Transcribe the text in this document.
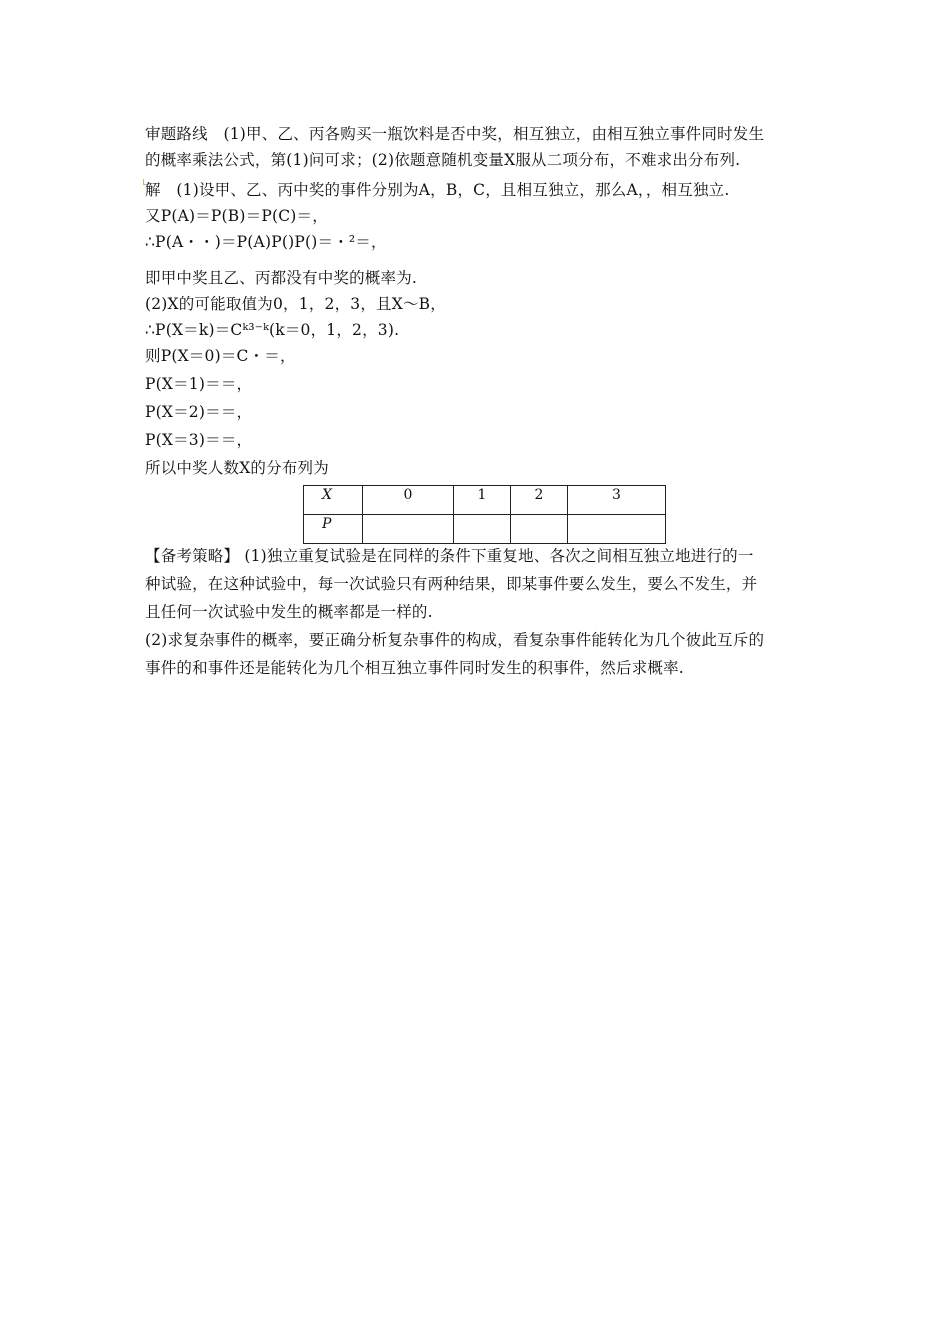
审题路线　(1)甲、乙、丙各购买一瓶饮料是否中奖，相互独立，由相互独立事件同时发生
的概率乘法公式，第(1)问可求；(2)依题意随机变量X服从二项分布，不难求出分布列.
解　(1)设甲、乙、丙中奖的事件分别为A，B，C，且相互独立，那么A，，相互独立.
又P(A)＝P(B)＝P(C)＝，
∴P(A・・)＝P(A)P()P()＝・²＝，
即甲中奖且乙、丙都没有中奖的概率为.
(2)X的可能取值为0，1，2，3，且X～B，
∴P(X＝k)＝Cᵏ³⁻ᵏ(k＝0，1，2，3).
则P(X＝0)＝C・＝，
P(X＝1)＝＝，
P(X＝2)＝＝，
P(X＝3)＝＝，
所以中奖人数X的分布列为
X	0	1	2	3
P				
【备考策略】 (1)独立重复试验是在同样的条件下重复地、各次之间相互独立地进行的一
种试验，在这种试验中，每一次试验只有两种结果，即某事件要么发生，要么不发生，并
且任何一次试验中发生的概率都是一样的.
(2)求复杂事件的概率，要正确分析复杂事件的构成，看复杂事件能转化为几个彼此互斥的
事件的和事件还是能转化为几个相互独立事件同时发生的积事件，然后求概率.
